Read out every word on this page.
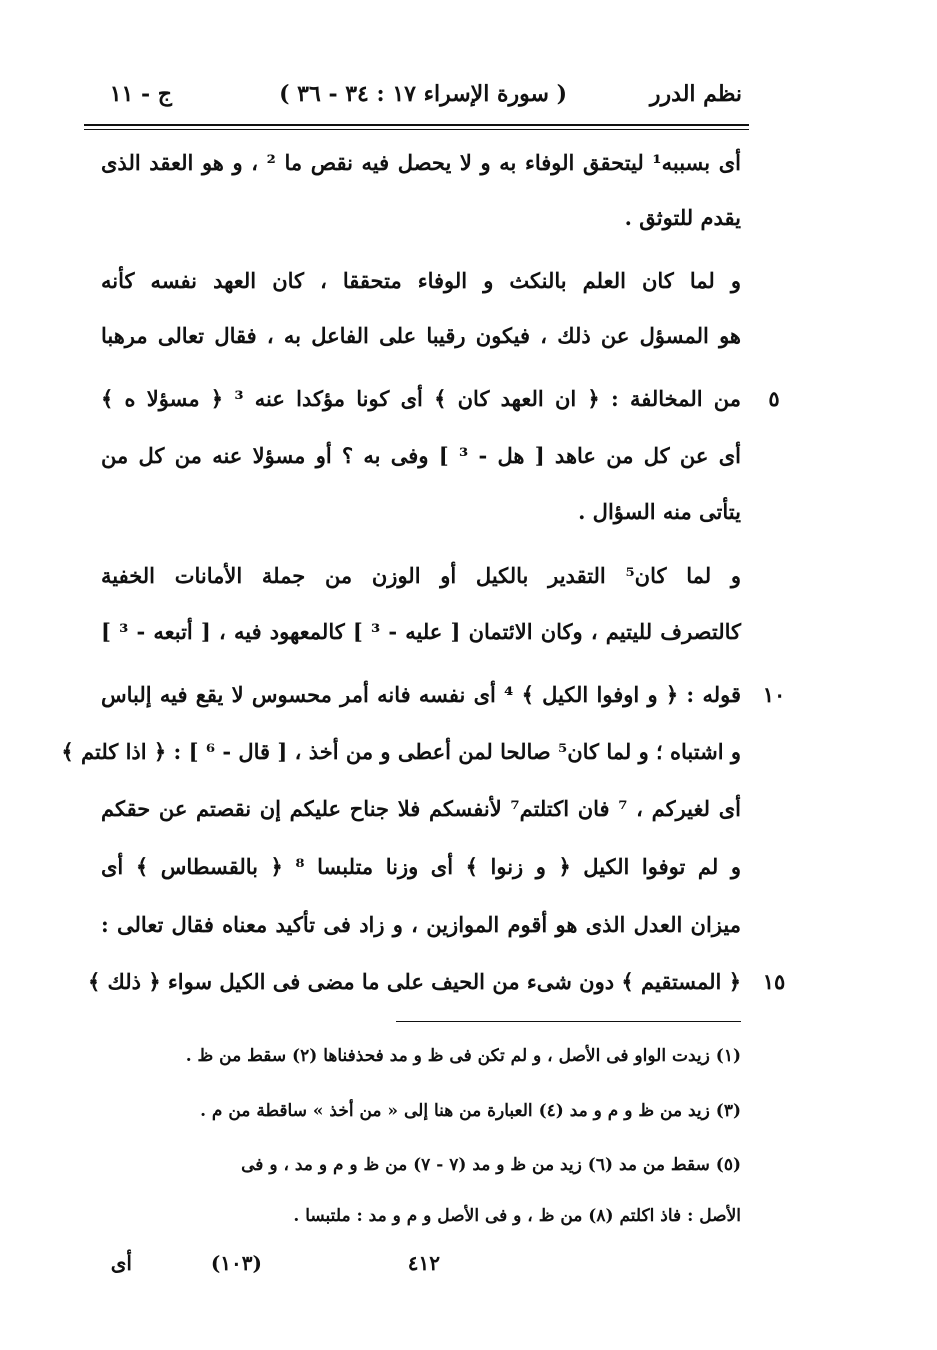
نظم الدرر
( سورة الإسراء ١٧ : ٣٤ - ٣٦ )
ج - ١١
أى بسببه¹ ليتحقق الوفاء به و لا يحصل فيه نقص ما ² ، و هو العقد الذى
يقدم للتوثق .
و لما كان العلم بالنكث و الوفاء متحققا ، كان العهد نفسه كأنه
هو المسؤل عن ذلك ، فيكون رقيبا على الفاعل به ، فقال تعالى مرهبا
من المخالفة : ﴿ ان العهد كان ﴾ أى كونا مؤكدا عنه ³ ﴿ مسؤلا ه ﴾
أى عن كل من عاهد [ هل - ³ ] وفى به ؟ أو مسؤلا عنه من كل من
يتأتى منه السؤال .
و لما كان⁵ التقدير بالكيل أو الوزن من جملة الأمانات الخفية
كالتصرف لليتيم ، وكان الائتمان [ عليه - ³ ] كالمعهود فيه ، [ أتبعه - ³ ]
قوله : ﴿ و اوفوا الكيل ﴾ ⁴ أى نفسه فانه أمر محسوس لا يقع فيه إلباس
و اشتباه ؛ و لما كان⁵ صالحا لمن أعطى و من أخذ ، [ قال - ⁶ ] : ﴿ اذا كلتم ﴾
أى لغيركم ، ⁷ فان اكتلتم⁷ لأنفسكم فلا جناح عليكم إن نقصتم عن حقكم
و لم توفوا الكيل ﴿ و زنوا ﴾ أى وزنا متلبسا ⁸ ﴿ بالقسطاس ﴾ أى
ميزان العدل الذى هو أقوم الموازين ، و زاد فى تأكيد معناه فقال تعالى :
﴿ المستقيم ﴾ دون شىء من الحيف على ما مضى فى الكيل سواء ﴿ ذلك ﴾
٥
١٠
١٥
(١) زيدت الواو فى الأصل ، و لم تكن فى ظ و مد فحذفناها (٢) سقط من ظ .
(٣) زيد من ظ و م و مد (٤) العبارة من هنا إلى « من أخذ » ساقطة من م .
(٥) سقط من مد (٦) زيد من ظ و مد (٧ - ٧) من ظ و م و مد ، و فى
الأصل : فاذ اكلتم (٨) من ظ ، و فى الأصل و م و مد : ملتبسا .
٤١٢
(١٠٣)
أى
